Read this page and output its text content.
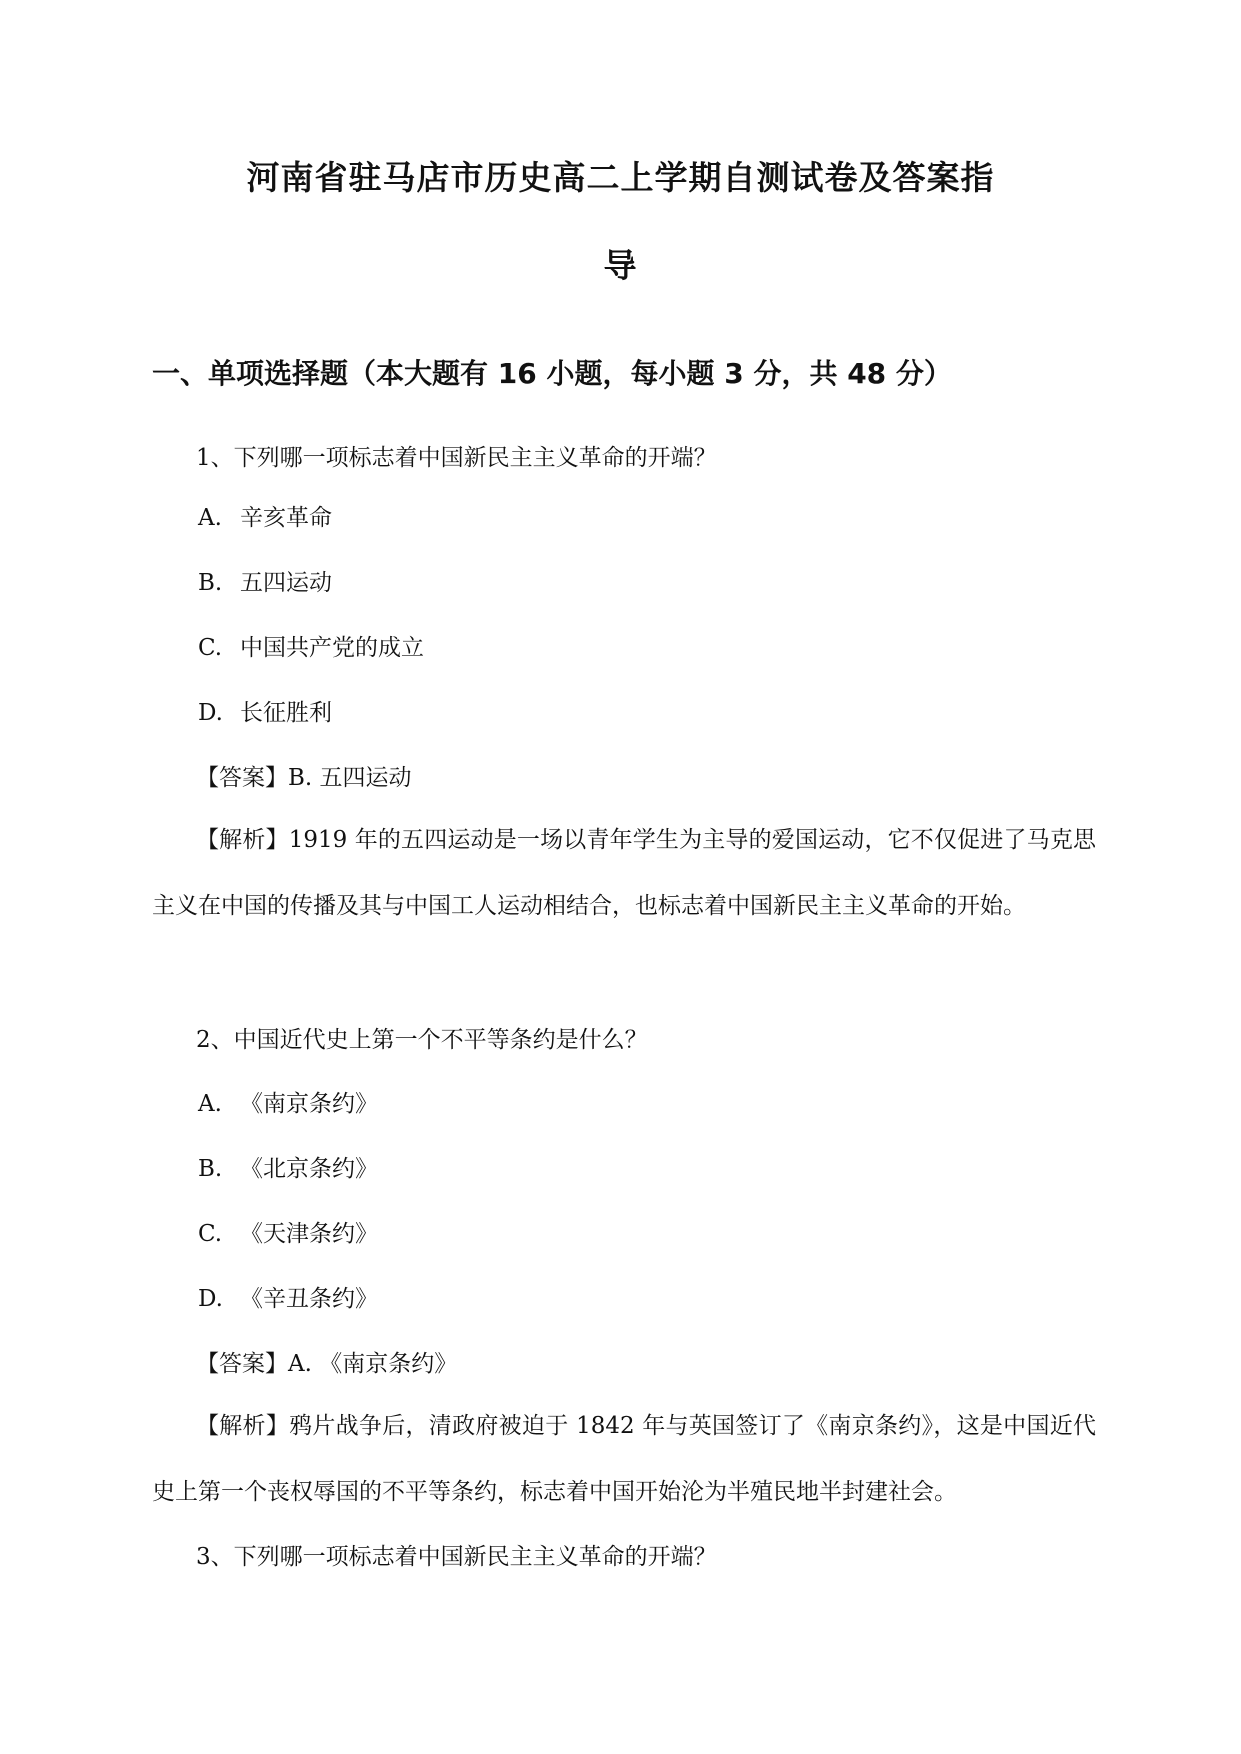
河南省驻马店市历史高二上学期自测试卷及答案指
导
一、单项选择题（本大题有 16 小题，每小题 3 分，共 48 分）
1、下列哪一项标志着中国新民主主义革命的开端？
A. 辛亥革命
B. 五四运动
C. 中国共产党的成立
D. 长征胜利
【答案】B. 五四运动
【解析】1919 年的五四运动是一场以青年学生为主导的爱国运动，它不仅促进了马克思主义在中国的传播及其与中国工人运动相结合，也标志着中国新民主主义革命的开始。
2、中国近代史上第一个不平等条约是什么？
A. 《南京条约》
B. 《北京条约》
C. 《天津条约》
D. 《辛丑条约》
【答案】A. 《南京条约》
【解析】鸦片战争后，清政府被迫于 1842 年与英国签订了《南京条约》，这是中国近代史上第一个丧权辱国的不平等条约，标志着中国开始沦为半殖民地半封建社会。
3、下列哪一项标志着中国新民主主义革命的开端？
